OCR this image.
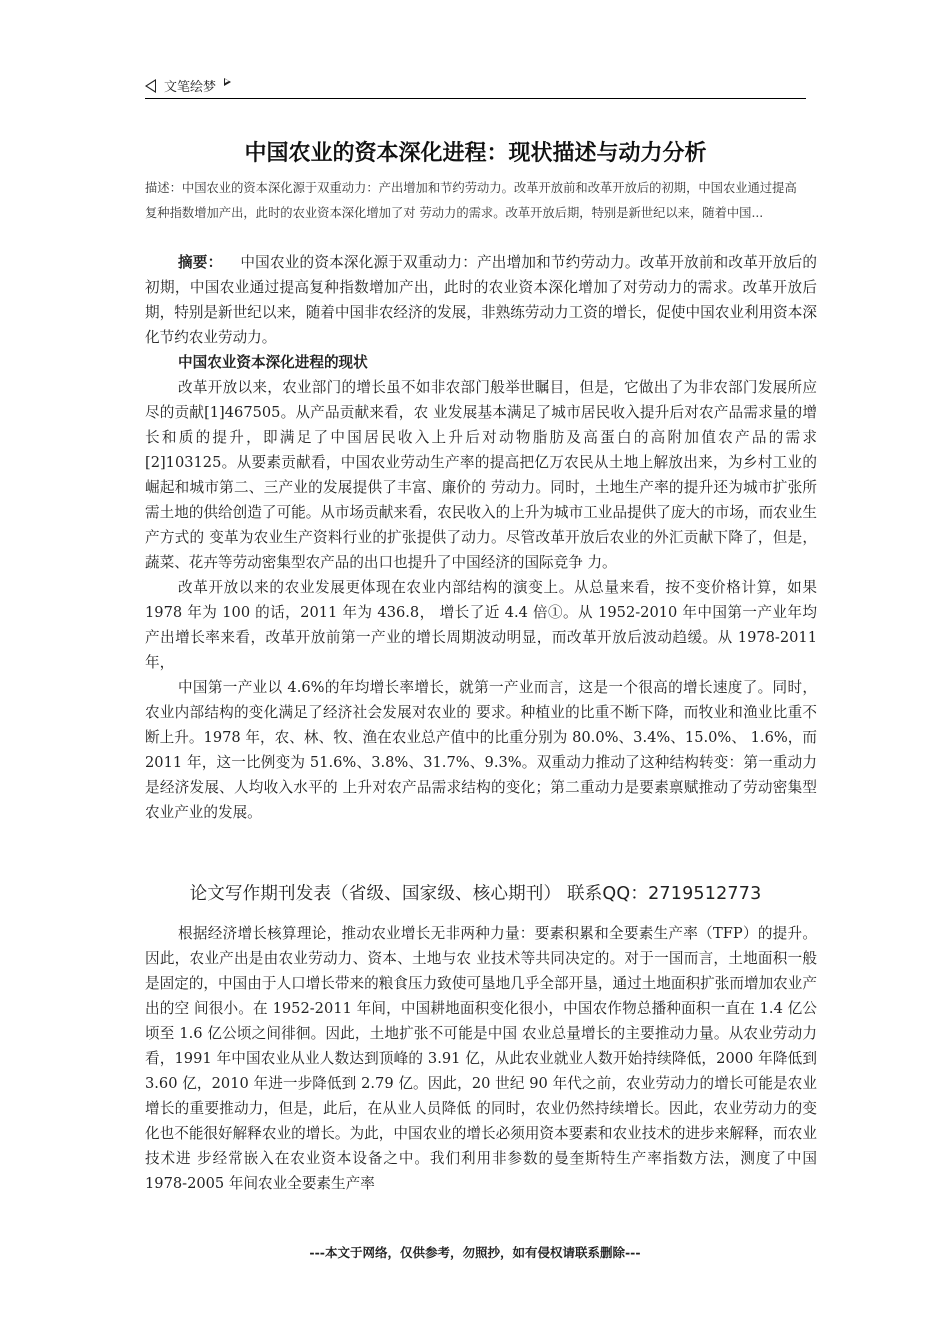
文笔绘梦
中国农业的资本深化进程：现状描述与动力分析
描述：中国农业的资本深化源于双重动力：产出增加和节约劳动力。改革开放前和改革开放后的初期，中国农业通过提高复种指数增加产出，此时的农业资本深化增加了对 劳动力的需求。改革开放后期，特别是新世纪以来，随着中国...

摘要： 中国农业的资本深化源于双重动力：产出增加和节约劳动力。改革开放前和改革开放后的初期，中国农业通过提高复种指数增加产出，此时的农业资本深化增加了对劳动力的需求。改革开放后期，特别是新世纪以来，随着中国非农经济的发展，非熟练劳动力工资的增长，促使中国农业利用资本深化节约农业劳动力。

中国农业资本深化进程的现状

改革开放以来，农业部门的增长虽不如非农部门般举世瞩目，但是，它做出了为非农部门发展所应尽的贡献[1]467505。从产品贡献来看，农 业发展基本满足了城市居民收入提升后对农产品需求量的增长和质的提升，即满足了中国居民收入上升后对动物脂肪及高蛋白的高附加值农产品的需求 [2]103125。从要素贡献看，中国农业劳动生产率的提高把亿万农民从土地上解放出来，为乡村工业的崛起和城市第二、三产业的发展提供了丰富、廉价的 劳动力。同时，土地生产率的提升还为城市扩张所需土地的供给创造了可能。从市场贡献来看，农民收入的上升为城市工业品提供了庞大的市场，而农业生产方式的 变革为农业生产资料行业的扩张提供了动力。尽管改革开放后农业的外汇贡献下降了，但是，蔬菜、花卉等劳动密集型农产品的出口也提升了中国经济的国际竞争 力。

改革开放以来的农业发展更体现在农业内部结构的演变上。从总量来看，按不变价格计算，如果 1978 年为 100 的话，2011 年为 436.8， 增长了近 4.4 倍①。从 1952-2010 年中国第一产业年均产出增长率来看，改革开放前第一产业的增长周期波动明显，而改革开放后波动趋缓。从 1978-2011 年，

中国第一产业以 4.6%的年均增长率增长，就第一产业而言，这是一个很高的增长速度了。同时，农业内部结构的变化满足了经济社会发展对农业的 要求。种植业的比重不断下降，而牧业和渔业比重不断上升。1978 年，农、林、牧、渔在农业总产值中的比重分别为 80.0%、3.4%、15.0%、 1.6%，而 2011 年，这一比例变为 51.6%、3.8%、31.7%、9.3%。双重动力推动了这种结构转变：第一重动力是经济发展、人均收入水平的 上升对农产品需求结构的变化；第二重动力是要素禀赋推动了劳动密集型农业产业的发展。

论文写作期刊发表（省级、国家级、核心期刊） 联系QQ：2719512773

根据经济增长核算理论，推动农业增长无非两种力量：要素积累和全要素生产率（TFP）的提升。因此，农业产出是由农业劳动力、资本、土地与农 业技术等共同决定的。对于一国而言，土地面积一般是固定的，中国由于人口增长带来的粮食压力致使可垦地几乎全部开垦，通过土地面积扩张而增加农业产出的空 间很小。在 1952-2011 年间，中国耕地面积变化很小，中国农作物总播种面积一直在 1.4 亿公顷至 1.6 亿公顷之间徘徊。因此，土地扩张不可能是中国 农业总量增长的主要推动力量。从农业劳动力看，1991 年中国农业从业人数达到顶峰的 3.91 亿，从此农业就业人数开始持续降低，2000 年降低到 3.60 亿，2010 年进一步降低到 2.79 亿。因此，20 世纪 90 年代之前，农业劳动力的增长可能是农业增长的重要推动力，但是，此后，在从业人员降低 的同时，农业仍然持续增长。因此，农业劳动力的变化也不能很好解释农业的增长。为此，中国农业的增长必须用资本要素和农业技术的进步来解释，而农业技术进 步经常嵌入在农业资本设备之中。我们利用非参数的曼奎斯特生产率指数方法，测度了中国 1978-2005 年间农业全要素生产率

---本文于网络，仅供参考，勿照抄，如有侵权请联系删除---
